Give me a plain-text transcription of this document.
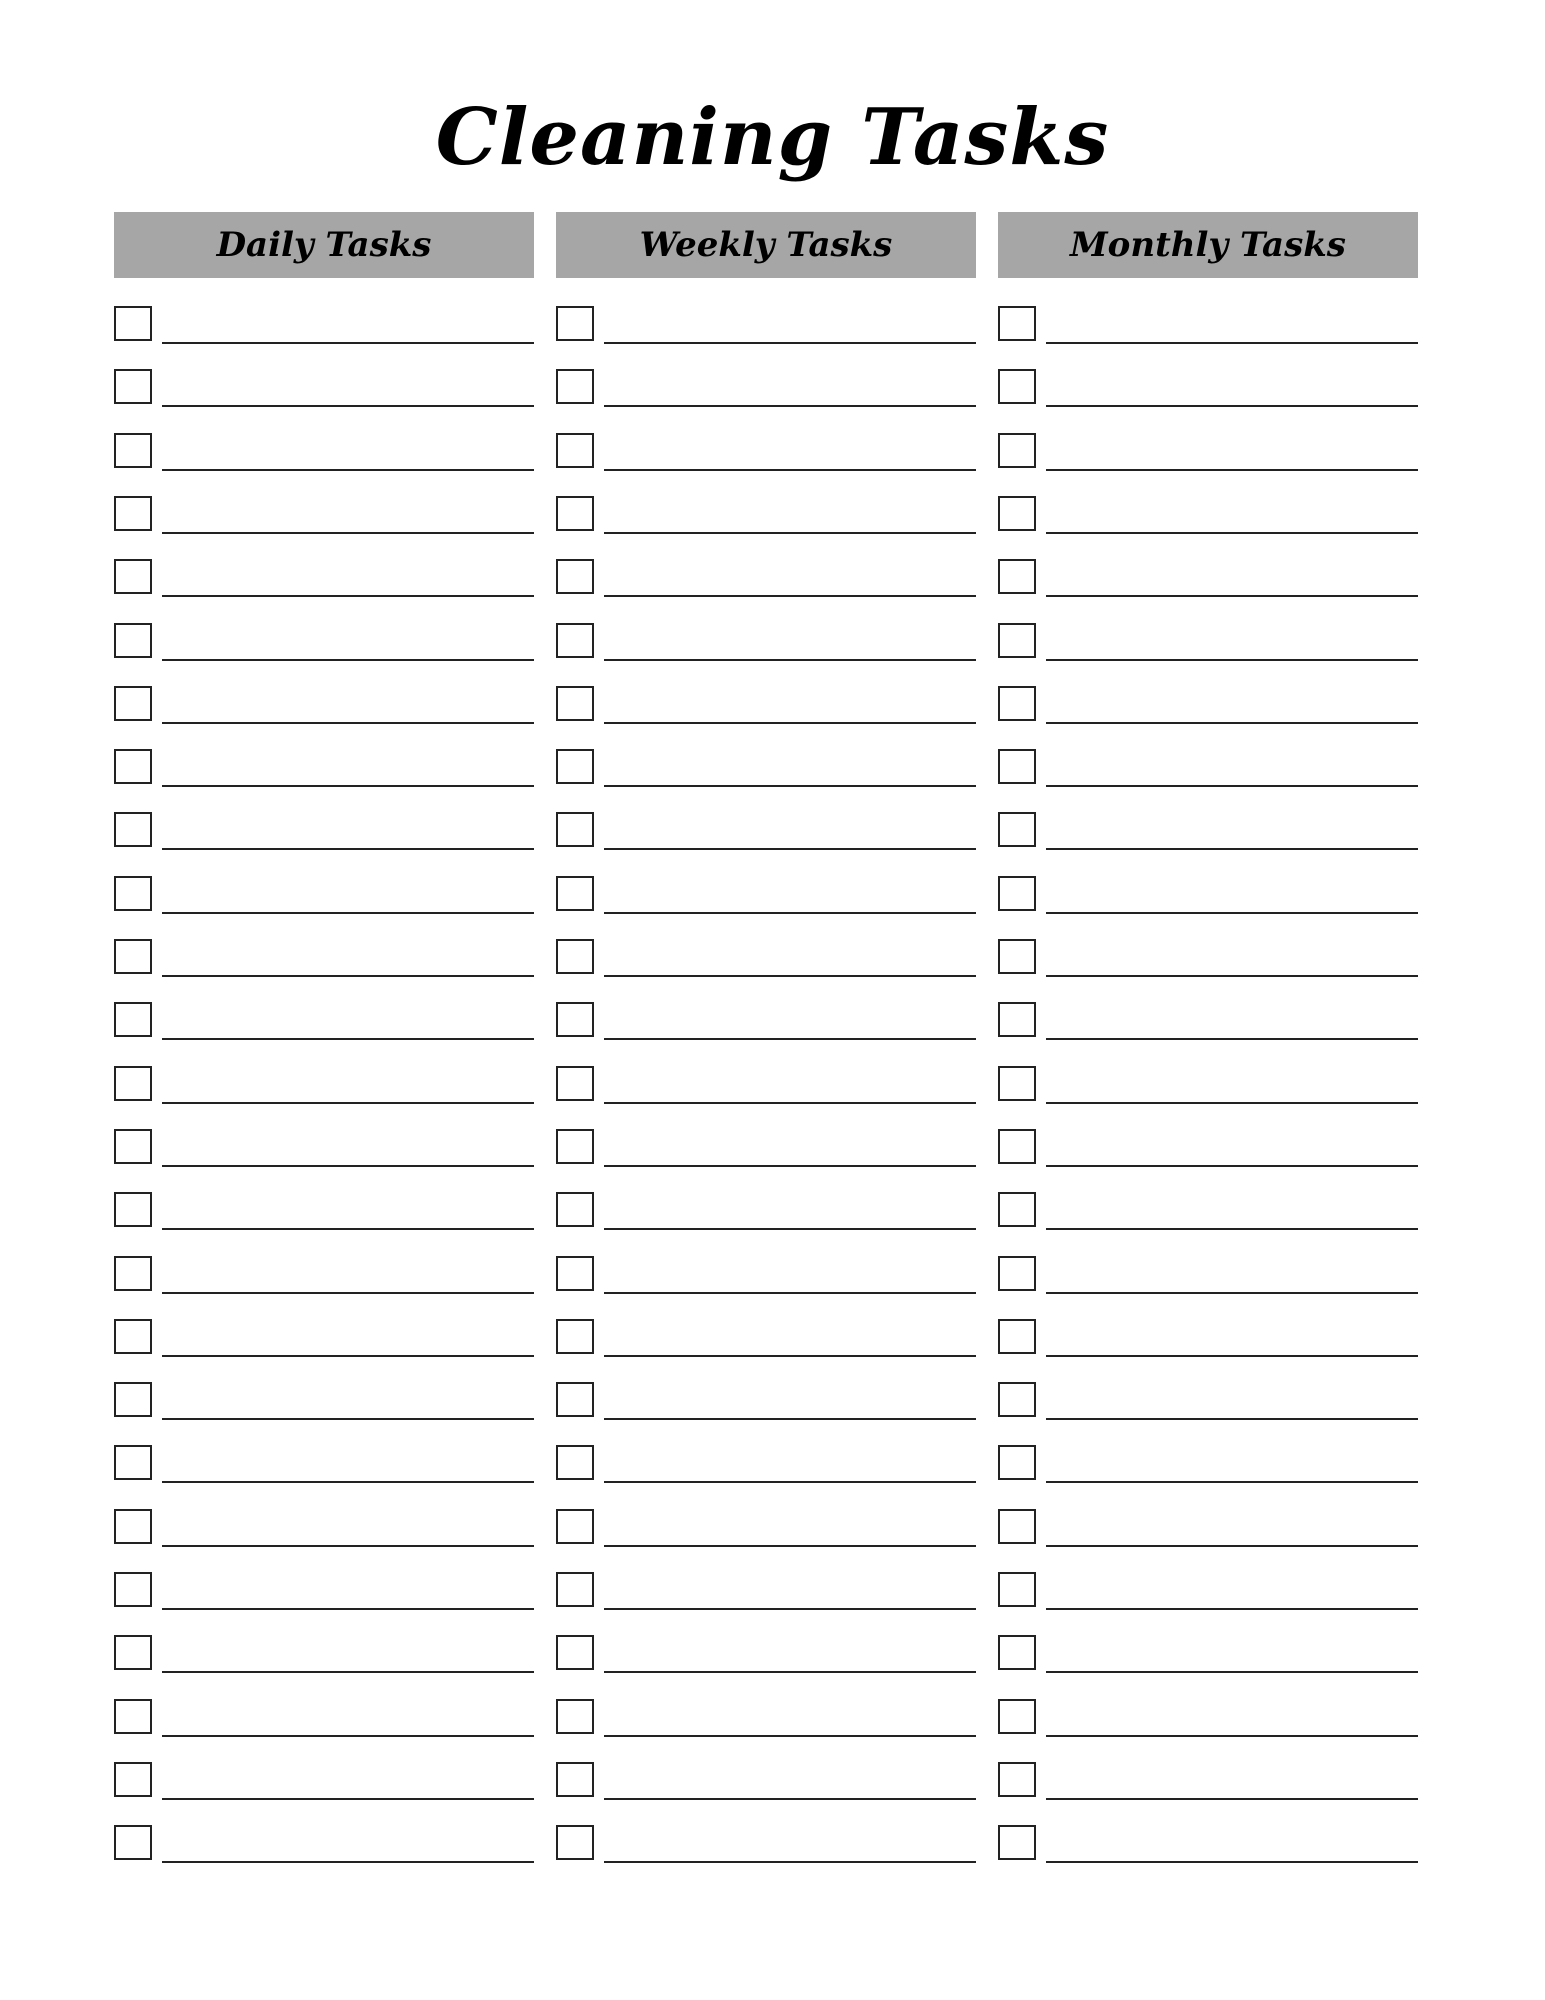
Cleaning Tasks
Daily Tasks	Weekly Tasks	Monthly Tasks
